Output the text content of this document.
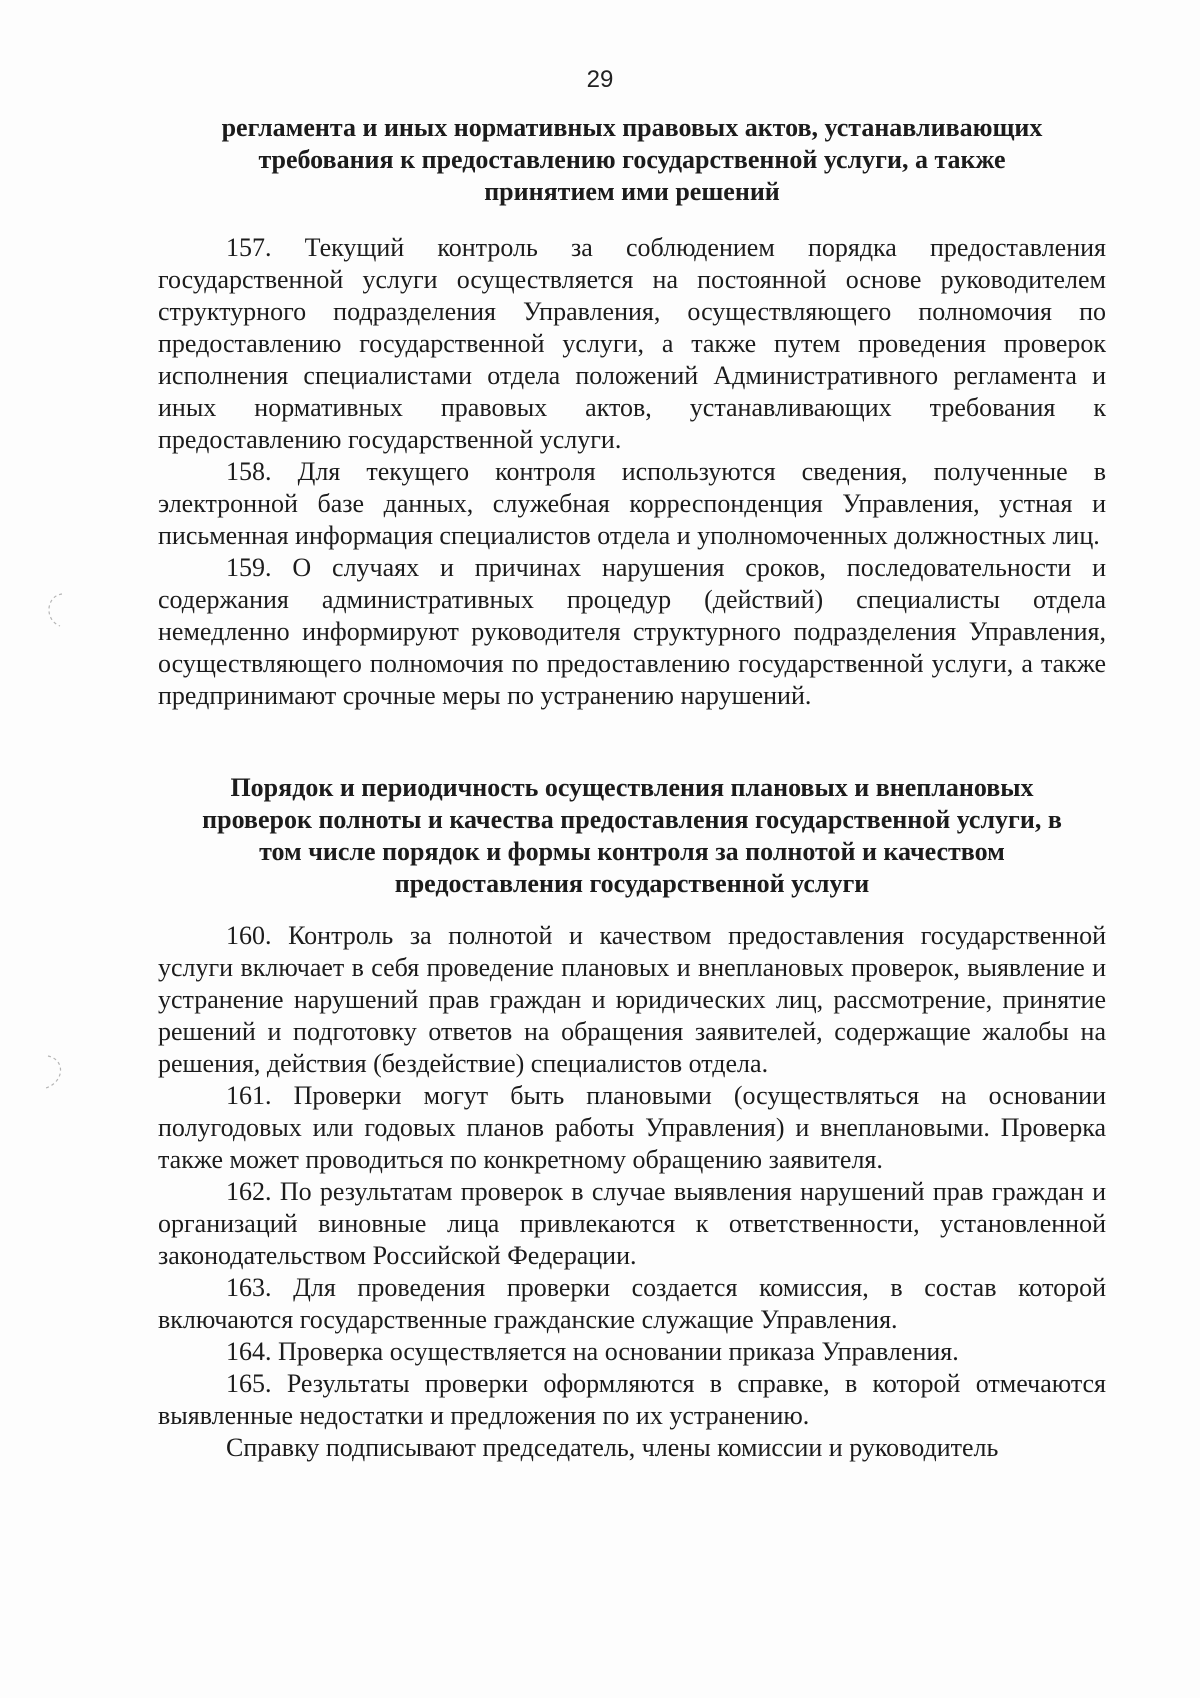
29
регламента и иных нормативных правовых актов, устанавливающих
требования к предоставлению государственной услуги, а также
принятием ими решений

157. Текущий контроль за соблюдением порядка предоставления государственной услуги осуществляется на постоянной основе руководителем структурного подразделения Управления, осуществляющего полномочия по предоставлению государственной услуги, а также путем проведения проверок исполнения специалистами отдела положений Административного регламента и иных нормативных правовых актов, устанавливающих требования к предоставлению государственной услуги.

158. Для текущего контроля используются сведения, полученные в электронной базе данных, служебная корреспонденция Управления, устная и письменная информация специалистов отдела и уполномоченных должностных лиц.

159. О случаях и причинах нарушения сроков, последовательности и содержания административных процедур (действий) специалисты отдела немедленно информируют руководителя структурного подразделения Управления, осуществляющего полномочия по предоставлению государственной услуги, а также предпринимают срочные меры по устранению нарушений.

Порядок и периодичность осуществления плановых и внеплановых
проверок полноты и качества предоставления государственной услуги, в
том числе порядок и формы контроля за полнотой и качеством
предоставления государственной услуги

160. Контроль за полнотой и качеством предоставления государственной услуги включает в себя проведение плановых и внеплановых проверок, выявление и устранение нарушений прав граждан и юридических лиц, рассмотрение, принятие решений и подготовку ответов на обращения заявителей, содержащие жалобы на решения, действия (бездействие) специалистов отдела.

161. Проверки могут быть плановыми (осуществляться на основании полугодовых или годовых планов работы Управления) и внеплановыми. Проверка также может проводиться по конкретному обращению заявителя.

162. По результатам проверок в случае выявления нарушений прав граждан и организаций виновные лица привлекаются к ответственности, установленной законодательством Российской Федерации.

163. Для проведения проверки создается комиссия, в состав которой включаются государственные гражданские служащие Управления.

164. Проверка осуществляется на основании приказа Управления.

165. Результаты проверки оформляются в справке, в которой отмечаются выявленные недостатки и предложения по их устранению.

Справку подписывают председатель, члены комиссии и руководитель
